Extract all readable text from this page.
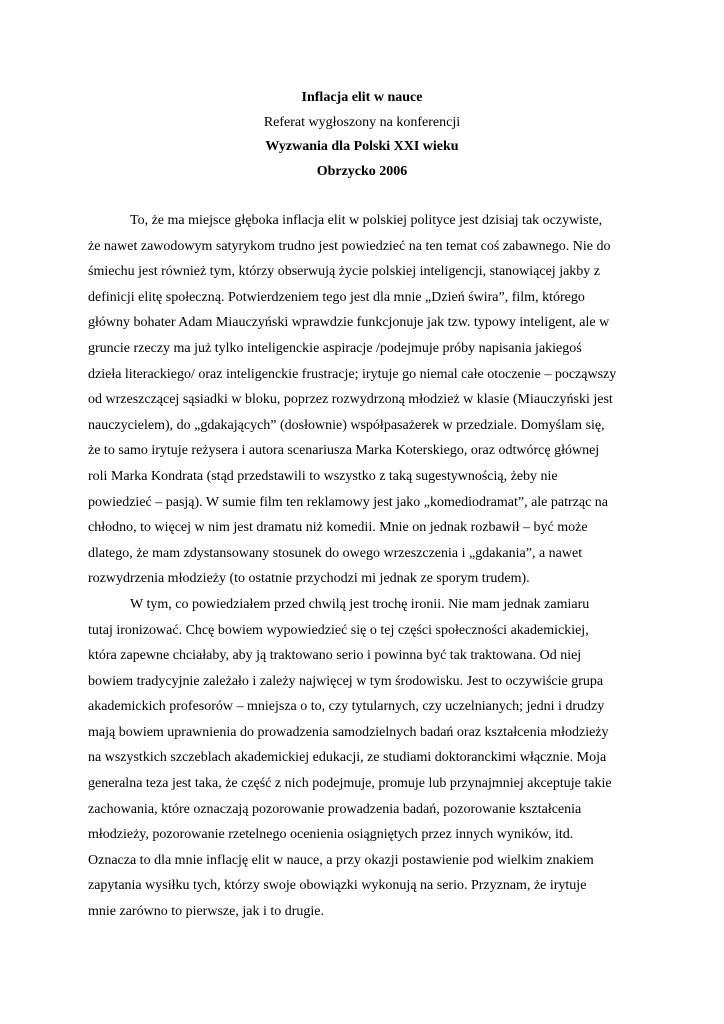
Inflacja elit w nauce
Referat wygłoszony na konferencji
Wyzwania dla Polski XXI wieku
Obrzycko 2006
To, że ma miejsce głęboka inflacja elit w polskiej polityce jest dzisiaj tak oczywiste,
że nawet zawodowym satyrykom trudno jest powiedzieć na ten temat coś zabawnego. Nie do
śmiechu jest również tym, którzy obserwują życie polskiej inteligencji, stanowiącej jakby z
definicji elitę społeczną. Potwierdzeniem tego jest dla mnie „Dzień świra”, film, którego
główny bohater Adam Miauczyński wprawdzie funkcjonuje jak tzw. typowy inteligent, ale w
gruncie rzeczy ma już tylko inteligenckie aspiracje /podejmuje próby napisania jakiegoś
dzieła literackiego/ oraz inteligenckie frustracje; irytuje go niemal całe otoczenie – począwszy
od wrzeszczącej sąsiadki w bloku, poprzez rozwydrzoną młodzież w klasie (Miauczyński jest
nauczycielem), do „gdakających” (dosłownie) współpasażerek w przedziale. Domyślam się,
że to samo irytuje reżysera i autora scenariusza Marka Koterskiego, oraz odtwórcę głównej
roli Marka Kondrata (stąd przedstawili to wszystko z taką sugestywnością, żeby nie
powiedzieć – pasją). W sumie film ten reklamowy jest jako „komediodramat”, ale patrząc na
chłodno, to więcej w nim jest dramatu niż komedii. Mnie on jednak rozbawił – być może
dlatego, że mam zdystansowany stosunek do owego wrzeszczenia i „gdakania”, a nawet
rozwydrzenia młodzieży (to ostatnie przychodzi mi jednak ze sporym trudem).
W tym, co powiedziałem przed chwilą jest trochę ironii. Nie mam jednak zamiaru
tutaj ironizować. Chcę bowiem wypowiedzieć się o tej części społeczności akademickiej,
która zapewne chciałaby, aby ją traktowano serio i powinna być tak traktowana. Od niej
bowiem tradycyjnie zależało i zależy najwięcej w tym środowisku. Jest to oczywiście grupa
akademickich profesorów – mniejsza o to, czy tytularnych, czy uczelnianych; jedni i drudzy
mają bowiem uprawnienia do prowadzenia samodzielnych badań oraz kształcenia młodzieży
na wszystkich szczeblach akademickiej edukacji, ze studiami doktoranckimi włącznie. Moja
generalna teza jest taka, że część z nich podejmuje, promuje lub przynajmniej akceptuje takie
zachowania, które oznaczają pozorowanie prowadzenia badań, pozorowanie kształcenia
młodzieży, pozorowanie rzetelnego ocenienia osiągniętych przez innych wyników, itd.
Oznacza to dla mnie inflację elit w nauce, a przy okazji postawienie pod wielkim znakiem
zapytania wysiłku tych, którzy swoje obowiązki wykonują na serio. Przyznam, że irytuje
mnie zarówno to pierwsze, jak i to drugie.
